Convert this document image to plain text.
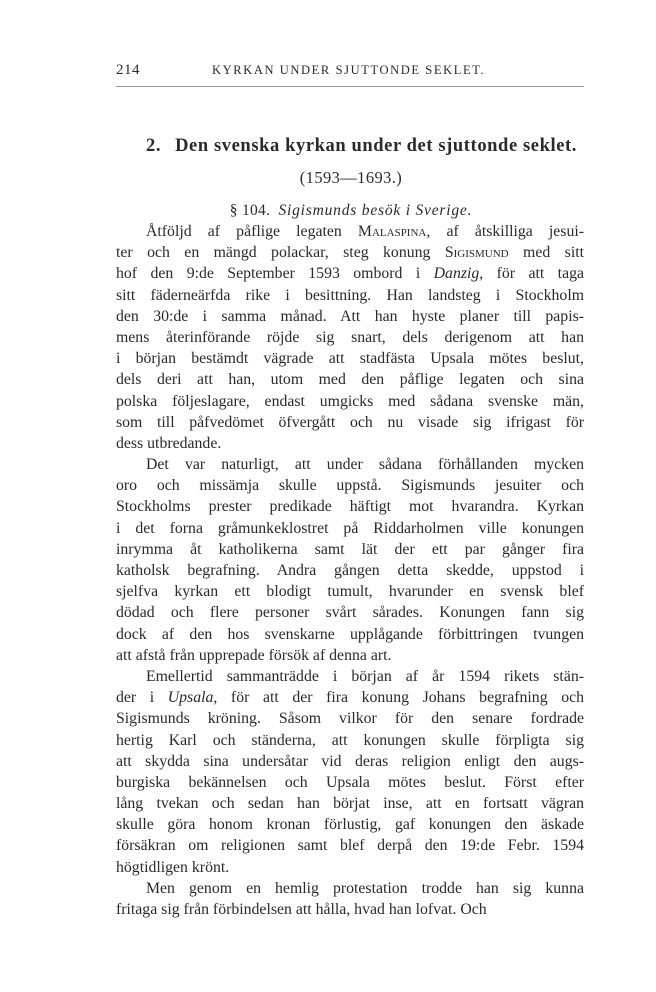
214	KYRKAN UNDER SJUTTONDE SEKLET.
2. Den svenska kyrkan under det sjuttonde seklet.
(1593—1693.)
§ 104. Sigismunds besök i Sverige.
Åtföljd af påflige legaten Malaspina, af åtskilliga jesui-
ter och en mängd polackar, steg konung Sigismund med sitt
hof den 9:de September 1593 ombord i Danzig, för att taga
sitt fäderneärfda rike i besittning. Han landsteg i Stockholm
den 30:de i samma månad. Att han hyste planer till papis-
mens återinförande röjde sig snart, dels derigenom att han
i början bestämdt vägrade att stadfästa Upsala mötes beslut,
dels deri att han, utom med den påflige legaten och sina
polska följeslagare, endast umgicks med sådana svenske män,
som till påfvedömet öfvergått och nu visade sig ifrigast för
dess utbredande.
Det var naturligt, att under sådana förhållanden mycken
oro och missämja skulle uppstå. Sigismunds jesuiter och
Stockholms prester predikade häftigt mot hvarandra. Kyrkan
i det forna gråmunkeklostret på Riddarholmen ville konungen
inrymma åt katholikerna samt lät der ett par gånger fira
katholsk begrafning. Andra gången detta skedde, uppstod i
sjelfva kyrkan ett blodigt tumult, hvarunder en svensk blef
dödad och flere personer svårt sårades. Konungen fann sig
dock af den hos svenskarne upplågande förbittringen tvungen
att afstå från upprepade försök af denna art.
Emellertid sammanträdde i början af år 1594 rikets stän-
der i Upsala, för att der fira konung Johans begrafning och
Sigismunds kröning. Såsom vilkor för den senare fordrade
hertig Karl och ständerna, att konungen skulle förpligta sig
att skydda sina undersåtar vid deras religion enligt den augs-
burgiska bekännelsen och Upsala mötes beslut. Först efter
lång tvekan och sedan han börjat inse, att en fortsatt vägran
skulle göra honom kronan förlustig, gaf konungen den äskade
försäkran om religionen samt blef derpå den 19:de Febr. 1594
högtidligen krönt.
Men genom en hemlig protestation trodde han sig kunna
fritaga sig från förbindelsen att hålla, hvad han lofvat. Och
